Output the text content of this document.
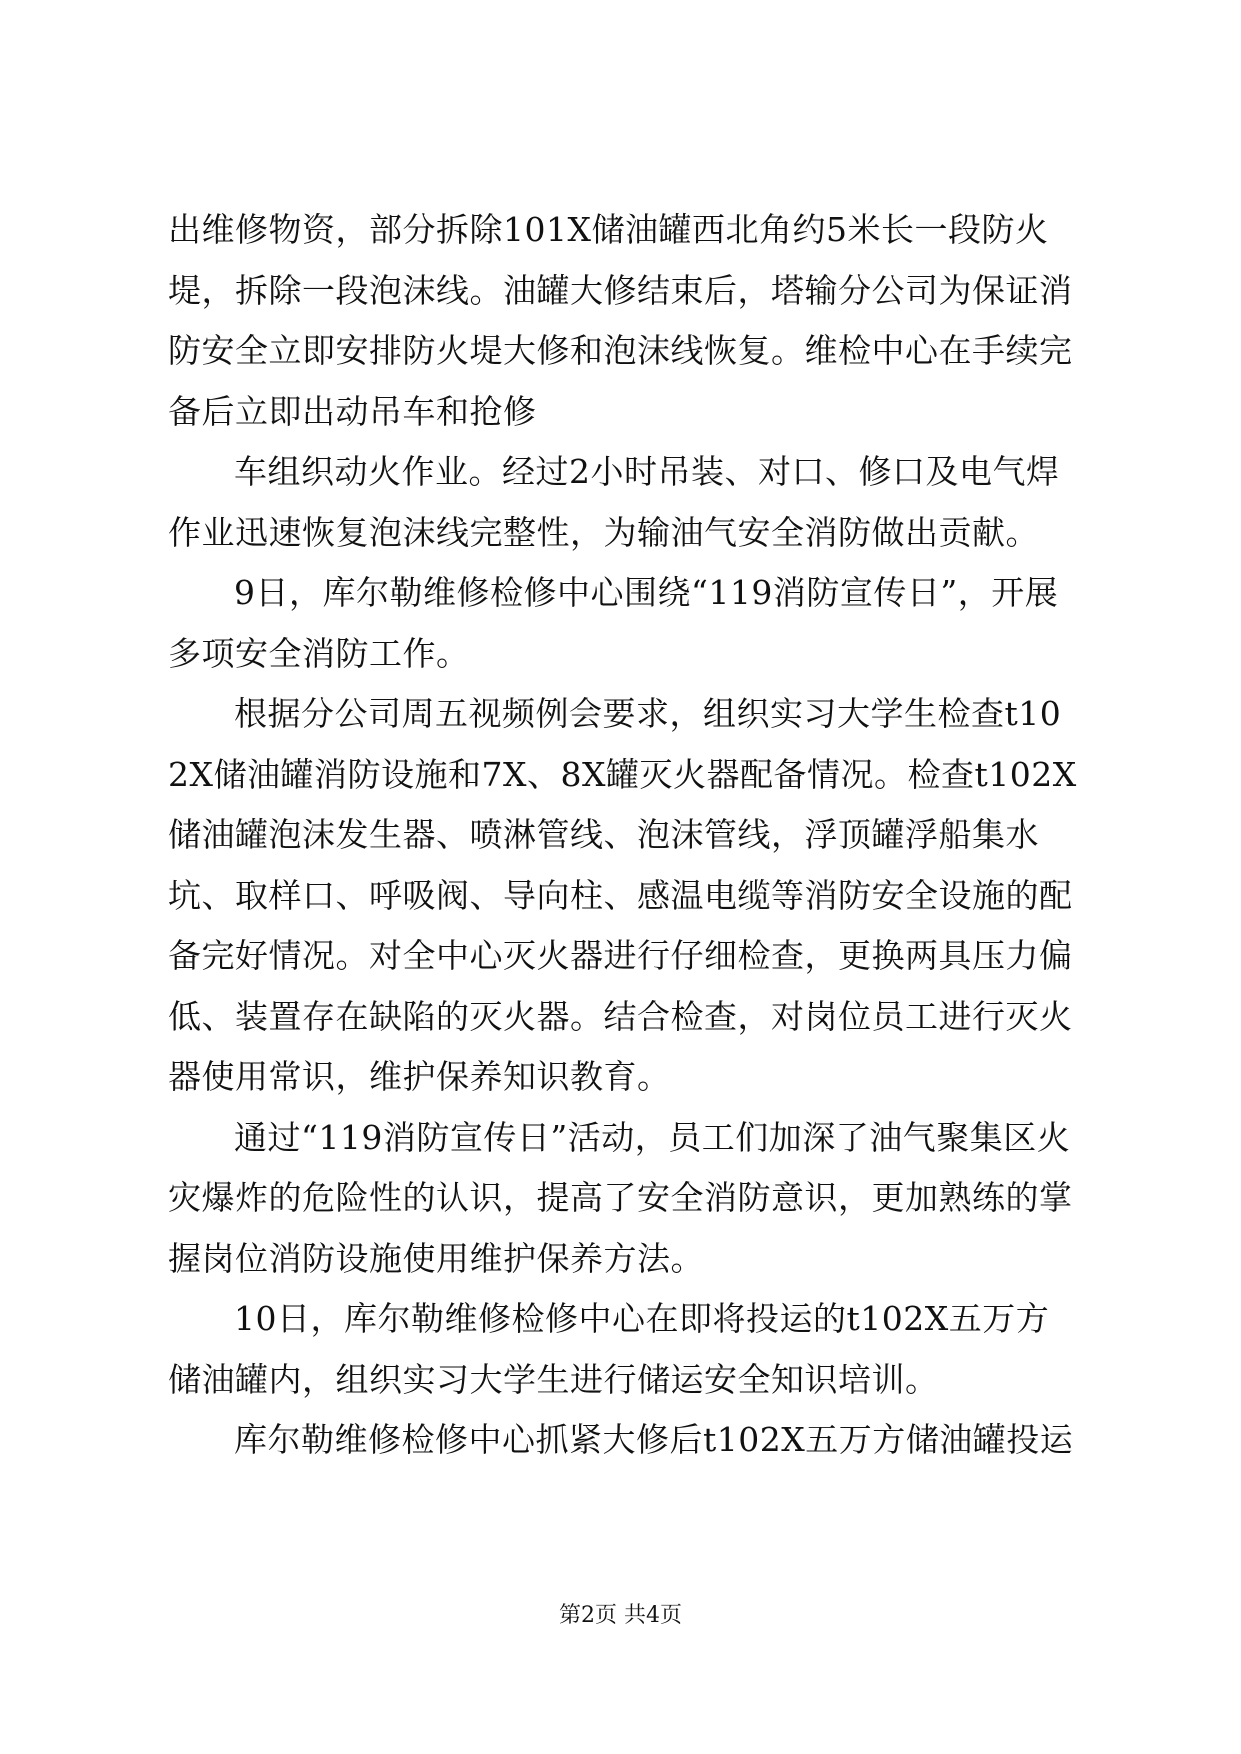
出维修物资，部分拆除101X储油罐西北角约5米长一段防火堤，拆除一段泡沫线。油罐大修结束后，塔输分公司为保证消防安全立即安排防火堤大修和泡沫线恢复。维检中心在手续完备后立即出动吊车和抢修

车组织动火作业。经过2小时吊装、对口、修口及电气焊作业迅速恢复泡沫线完整性，为输油气安全消防做出贡献。

9日，库尔勒维修检修中心围绕“119消防宣传日”，开展多项安全消防工作。

根据分公司周五视频例会要求，组织实习大学生检查t102X储油罐消防设施和7X、8X罐灭火器配备情况。检查t102X储油罐泡沫发生器、喷淋管线、泡沫管线，浮顶罐浮船集水坑、取样口、呼吸阀、导向柱、感温电缆等消防安全设施的配备完好情况。对全中心灭火器进行仔细检查，更换两具压力偏低、装置存在缺陷的灭火器。结合检查，对岗位员工进行灭火器使用常识，维护保养知识教育。

通过“119消防宣传日”活动，员工们加深了油气聚集区火灾爆炸的危险性的认识，提高了安全消防意识，更加熟练的掌握岗位消防设施使用维护保养方法。

10日，库尔勒维修检修中心在即将投运的t102X五万方储油罐内，组织实习大学生进行储运安全知识培训。

库尔勒维修检修中心抓紧大修后t102X五万方储油罐投运

第2页 共4页
